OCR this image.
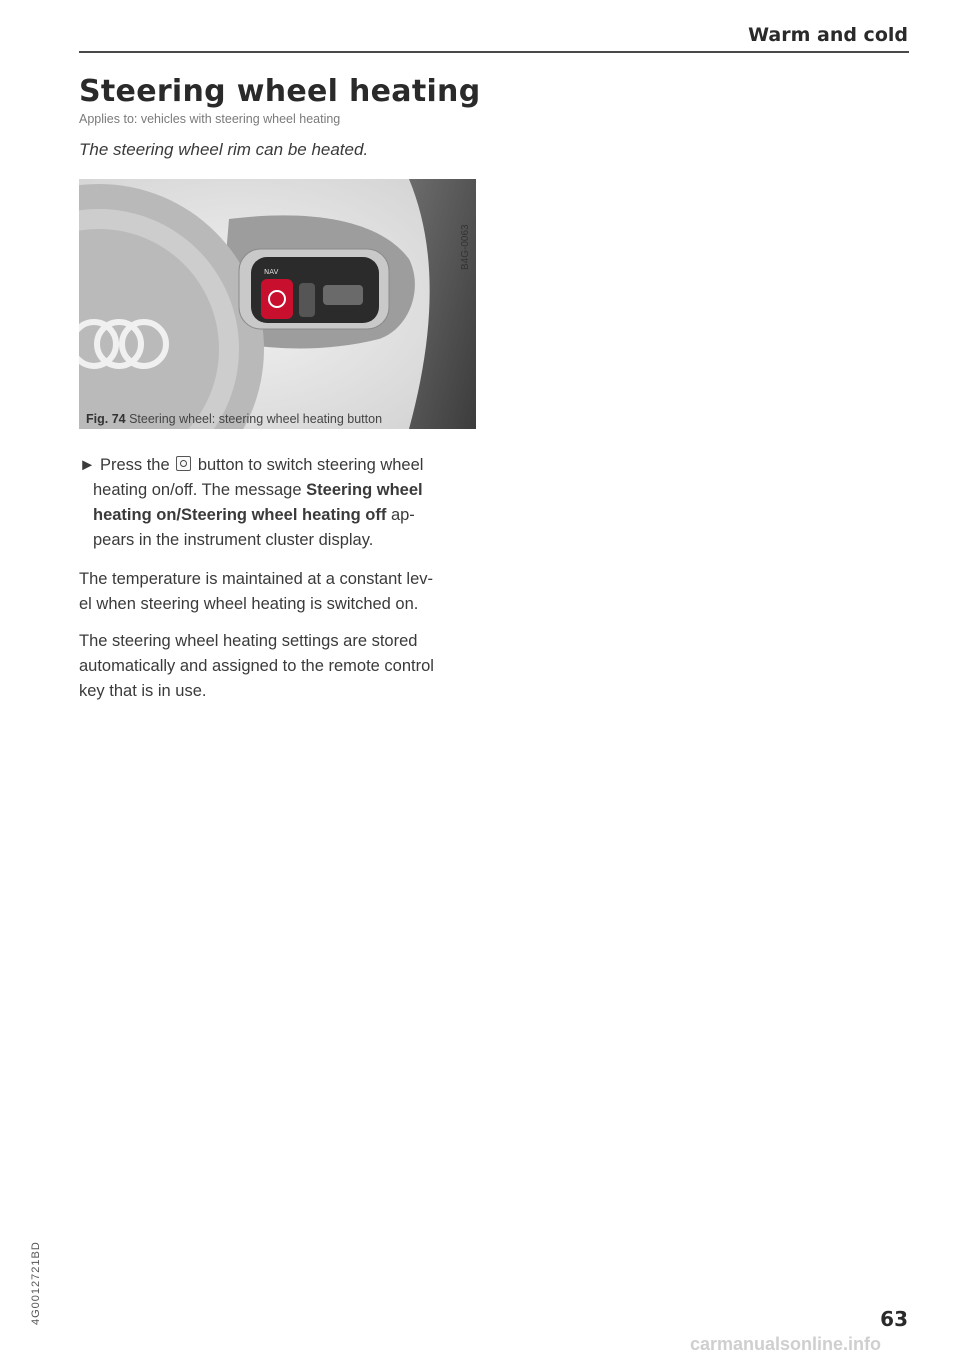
Warm and cold
Steering wheel heating
Applies to: vehicles with steering wheel heating
The steering wheel rim can be heated.
NAV
B4G-0063
Fig. 74 Steering wheel: steering wheel heating button
► Press the button to switch steering wheel
heating on/off. The message Steering wheel
heating on/Steering wheel heating off ap-
pears in the instrument cluster display.
The temperature is maintained at a constant lev-
el when steering wheel heating is switched on.
The steering wheel heating settings are stored
automatically and assigned to the remote control
key that is in use.
63
4G0012721BD
carmanualsonline.info
